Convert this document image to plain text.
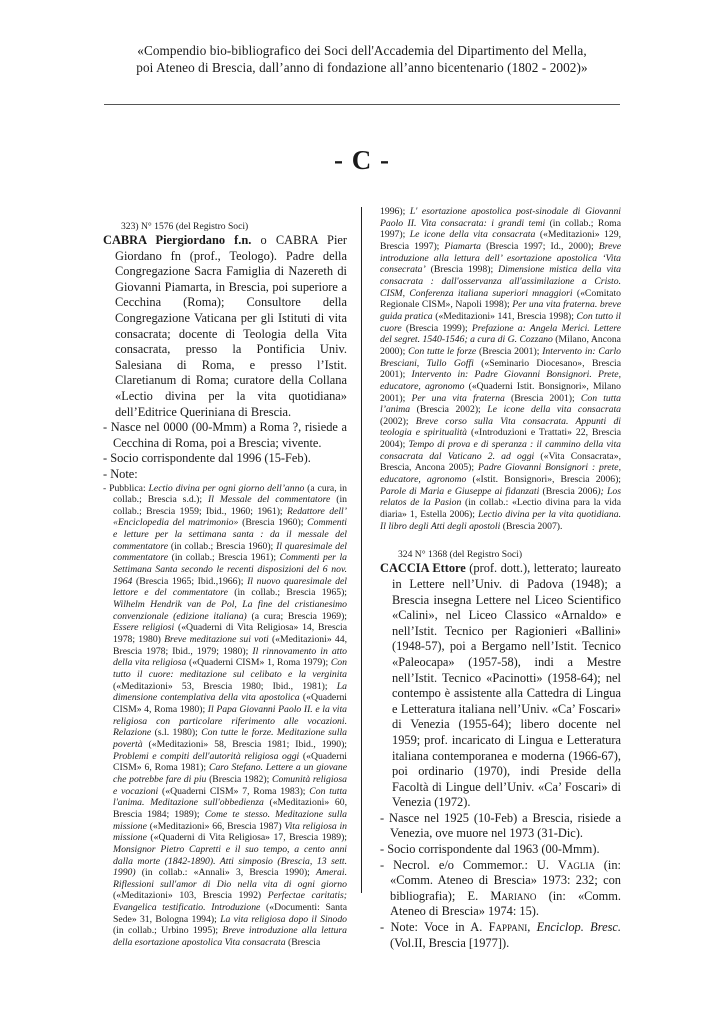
«Compendio bio-bibliografico dei Soci dell'Accademia del Dipartimento del Mella,
poi Ateneo di Brescia, dall’anno di fondazione all’anno bicentenario (1802 - 2002)»
- C -
323) N° 1576 (del Registro Soci)
CABRA Piergiordano f.n. o CABRA Pier Giordano fn (prof., Teologo). Padre della Congregazione Sacra Famiglia di Nazereth di Giovanni Piamarta, in Brescia, poi superiore a Cecchina (Roma); Consultore della Congregazione Vaticana per gli Istituti di vita consacrata; docente di Teologia della Vita consacrata, presso la Pontificia Univ. Salesiana di Roma, e presso l’Istit. Claretianum di Roma; curatore della Collana «Lectio divina per la vita quotidiana» dell’Editrice Queriniana di Brescia.
- Nasce nel 0000 (00-Mmm) a Roma ?, risiede a Cecchina di Roma, poi a Brescia; vivente.
- Socio corrispondente dal 1996 (15-Feb).
- Note:
- Pubblica: Lectio divina per ogni giorno dell’anno (a cura, in collab.; Brescia s.d.); Il Messale del commentatore (in collab.; Brescia 1959; Ibid., 1960; 1961); Redattore dell’ «Enciclopedia del matrimonio» (Brescia 1960); Commenti e letture per la settimana santa : da il messale del commentatore (in collab.; Brescia 1960); Il quaresimale del commentatore (in collab.; Brescia 1961); Commenti per la Settimana Santa secondo le recenti disposizioni del 6 nov. 1964 (Brescia 1965; Ibid.,1966); Il nuovo quaresimale del lettore e del commentatore (in collab.; Brescia 1965); Wilhelm Hendrik van de Pol, La fine del cristianesimo convenzionale (edizione italiana) (a cura; Brescia 1969); Essere religiosi («Quaderni di Vita Religiosa» 14, Brescia 1978; 1980) Breve meditazione sui voti («Meditazioni» 44, Brescia 1978; Ibid., 1979; 1980); Il rinnovamento in atto della vita religiosa («Quaderni CISM» 1, Roma 1979); Con tutto il cuore: meditazione sul celibato e la verginita («Meditazioni» 53, Brescia 1980; Ibid., 1981); La dimensione contemplativa della vita apostolica («Quaderni CISM» 4, Roma 1980); Il Papa Giovanni Paolo II. e la vita religiosa con particolare riferimento alle vocazioni. Relazione (s.l. 1980); Con tutte le forze. Meditazione sulla povertà («Meditazioni» 58, Brescia 1981; Ibid., 1990); Problemi e compiti dell'autorità religiosa oggi («Quaderni CISM» 6, Roma 1981); Caro Stefano. Lettere a un giovane che potrebbe fare di piu (Brescia 1982); Comunità religiosa e vocazioni («Quaderni CISM» 7, Roma 1983); Con tutta l'anima. Meditazione sull'obbedienza («Meditazioni» 60, Brescia 1984; 1989); Come te stesso. Meditazione sulla missione («Meditazioni» 66, Brescia 1987) Vita religiosa in missione («Quaderni di Vita Religiosa» 17, Brescia 1989); Monsignor Pietro Capretti e il suo tempo, a cento anni dalla morte (1842-1890). Atti simposio (Brescia, 13 sett. 1990) (in collab.: «Annali» 3, Brescia 1990); Amerai. Riflessioni sull'amor di Dio nella vita di ogni giorno («Meditazioni» 103, Brescia 1992) Perfectae caritatis; Evangelica testificatio. Introduzione («Documenti: Santa Sede» 31, Bologna 1994); La vita religiosa dopo il Sinodo (in collab.; Urbino 1995); Breve introduzione alla lettura della esortazione apostolica Vita consacrata (Brescia
1996); L' esortazione apostolica post-sinodale di Giovanni Paolo II. Vita consacrata: i grandi temi (in collab.; Roma 1997); Le icone della vita consacrata («Meditazioni» 129, Brescia 1997); Piamarta (Brescia 1997; Id., 2000); Breve introduzione alla lettura dell’ esortazione apostolica ‘Vita consecrata’ (Brescia 1998); Dimensione mistica della vita consacrata : dall'osservanza all'assimilazione a Cristo. CISM, Conferenza italiana superiori mnaggiori («Comitato Regionale CISM», Napoli 1998); Per una vita fraterna. breve guida pratica («Meditazioni» 141, Brescia 1998); Con tutto il cuore (Brescia 1999); Prefazione a: Angela Merici. Lettere del segret. 1540-1546; a cura di G. Cozzano (Milano, Ancona 2000); Con tutte le forze (Brescia 2001); Intervento in: Carlo Bresciani, Tullo Goffi («Seminario Diocesano», Brescia 2001); Intervento in: Padre Giovanni Bonsignori. Prete, educatore, agronomo («Quaderni Istit. Bonsignori», Milano 2001); Per una vita fraterna (Brescia 2001); Con tutta l’anima (Brescia 2002); Le icone della vita consacrata (2002); Breve corso sulla Vita consacrata. Appunti di teologia e spiritualità («Introduzioni e Trattati» 22, Brescia 2004); Tempo di prova e di speranza : il cammino della vita consacrata dal Vaticano 2. ad oggi («Vita Consacrata», Brescia, Ancona 2005); Padre Giovanni Bonsignori : prete, educatore, agronomo («Istit. Bonsignori», Brescia 2006); Parole di Maria e Giuseppe ai fidanzati (Brescia 2006); Los relatos de la Pasion (in collab.: «Lectio divina para la vida diaria» 1, Estella 2006); Lectio divina per la vita quotidiana. Il libro degli Atti degli apostoli (Brescia 2007).
324 N° 1368 (del Registro Soci)
CACCIA Ettore (prof. dott.), letterato; laureato in Lettere nell’Univ. di Padova (1948); a Brescia insegna Lettere nel Liceo Scientifico «Calini», nel Liceo Classico «Arnaldo» e nell’Istit. Tecnico per Ragionieri «Ballini» (1948-57), poi a Bergamo nell’Istit. Tecnico «Paleocapa» (1957-58), indi a Mestre nell’Istit. Tecnico «Pacinotti» (1958-64); nel contempo è assistente alla Cattedra di Lingua e Letteratura italiana nell’Univ. «Ca’ Foscari» di Venezia (1955-64); libero docente nel 1959; prof. incaricato di Lingua e Letteratura italiana contemporanea e moderna (1966-67), poi ordinario (1970), indi Preside della Facoltà di Lingue dell’Univ. «Ca’ Foscari» di Venezia (1972).
- Nasce nel 1925 (10-Feb) a Brescia, risiede a Venezia, ove muore nel 1973 (31-Dic).
- Socio corrispondente dal 1963 (00-Mmm).
- Necrol. e/o Commemor.: U. Vaglia (in: «Comm. Ateneo di Brescia» 1973: 232; con bibliografia); E. Mariano (in: «Comm. Ateneo di Brescia» 1974: 15).
- Note: Voce in A. Fappani, Enciclop. Bresc. (Vol.II, Brescia [1977]).
